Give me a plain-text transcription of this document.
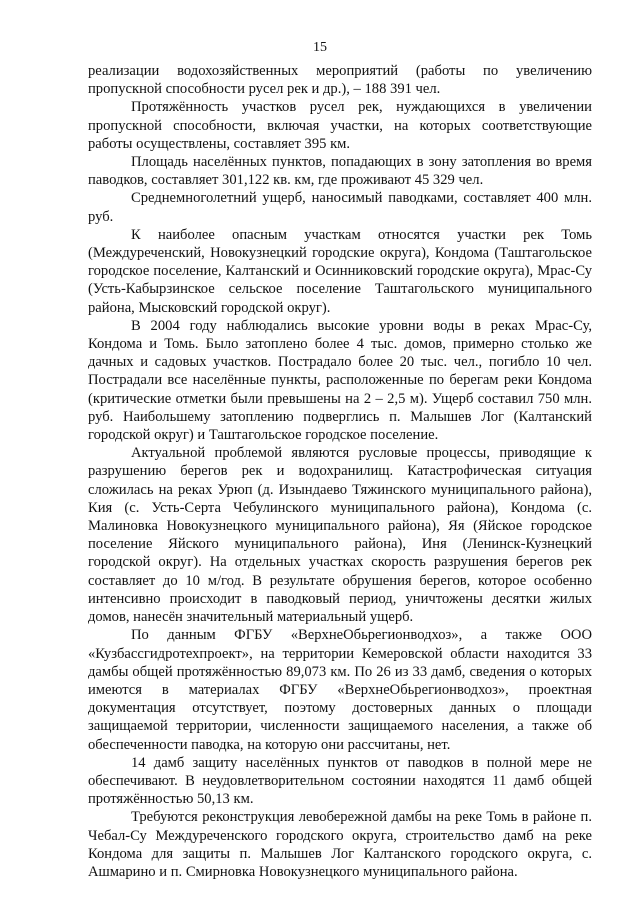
15

реализации водохозяйственных мероприятий (работы по увеличению пропускной способности русел рек и др.), – 188 391 чел.

Протяжённость участков русел рек, нуждающихся в увеличении пропускной способности, включая участки, на которых соответствующие работы осуществлены, составляет 395 км.

Площадь населённых пунктов, попадающих в зону затопления во время паводков, составляет 301,122 кв. км, где проживают 45 329 чел.

Среднемноголетний ущерб, наносимый паводками, составляет 400 млн. руб.

К наиболее опасным участкам относятся участки рек Томь (Междуреченский, Новокузнецкий городские округа), Кондома (Таштагольское городское поселение, Калтанский и Осинниковский городские округа), Мрас-Су (Усть-Кабырзинское сельское поселение Таштагольского муниципального района, Мысковский городской округ).

В 2004 году наблюдались высокие уровни воды в реках Мрас-Су, Кондома и Томь. Было затоплено более 4 тыс. домов, примерно столько же дачных и садовых участков. Пострадало более 20 тыс. чел., погибло 10 чел. Пострадали все населённые пункты, расположенные по берегам реки Кондома (критические отметки были превышены на 2 – 2,5 м). Ущерб составил 750 млн. руб. Наибольшему затоплению подверглись п. Малышев Лог (Калтанский городской округ) и Таштагольское городское поселение.

Актуальной проблемой являются русловые процессы, приводящие к разрушению берегов рек и водохранилищ. Катастрофическая ситуация сложилась на реках Урюп (д. Изындаево Тяжинского муниципального района), Кия (с. Усть-Серта Чебулинского муниципального района), Кондома (с. Малиновка Новокузнецкого муниципального района), Яя (Яйское городское поселение Яйского муниципального района), Иня (Ленинск-Кузнецкий городской округ). На отдельных участках скорость разрушения берегов рек составляет до 10 м/год. В результате обрушения берегов, которое особенно интенсивно происходит в паводковый период, уничтожены десятки жилых домов, нанесён значительный материальный ущерб.

По данным ФГБУ «ВерхнеОбьрегионводхоз», а также ООО «Кузбассгидротехпроект», на территории Кемеровской области находится 33 дамбы общей протяжённостью 89,073 км. По 26 из 33 дамб, сведения о которых имеются в материалах ФГБУ «ВерхнеОбьрегионводхоз», проектная документация отсутствует, поэтому достоверных данных о площади защищаемой территории, численности защищаемого населения, а также об обеспеченности паводка, на которую они рассчитаны, нет.

14 дамб защиту населённых пунктов от паводков в полной мере не обеспечивают. В неудовлетворительном состоянии находятся 11 дамб общей протяжённостью 50,13 км.

Требуются реконструкция левобережной дамбы на реке Томь в районе п. Чебал-Су Междуреченского городского округа, строительство дамб на реке Кондома для защиты п. Малышев Лог Калтанского городского округа, с. Ашмарино и п. Смирновка Новокузнецкого муниципального района.
